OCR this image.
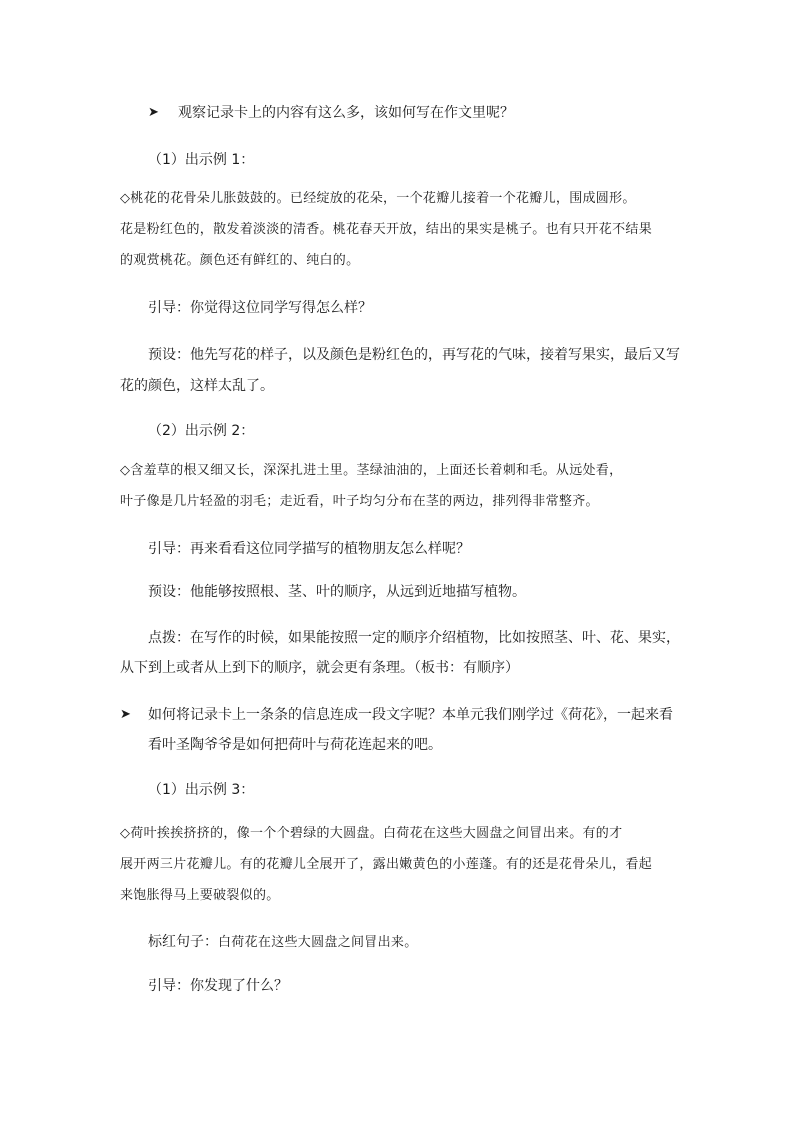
➤ 观察记录卡上的内容有这么多，该如何写在作文里呢？
（1）出示例 1：
◇桃花的花骨朵儿胀鼓鼓的。已经绽放的花朵，一个花瓣儿接着一个花瓣儿，围成圆形。
花是粉红色的，散发着淡淡的清香。桃花春天开放，结出的果实是桃子。也有只开花不结果
的观赏桃花。颜色还有鲜红的、纯白的。
引导：你觉得这位同学写得怎么样？
预设：他先写花的样子，以及颜色是粉红色的，再写花的气味，接着写果实，最后又写
花的颜色，这样太乱了。
（2）出示例 2：
◇含羞草的根又细又长，深深扎进土里。茎绿油油的，上面还长着刺和毛。从远处看，
叶子像是几片轻盈的羽毛；走近看，叶子均匀分布在茎的两边，排列得非常整齐。
引导：再来看看这位同学描写的植物朋友怎么样呢？
预设：他能够按照根、茎、叶的顺序，从远到近地描写植物。
点拨：在写作的时候，如果能按照一定的顺序介绍植物，比如按照茎、叶、花、果实，
从下到上或者从上到下的顺序，就会更有条理。（板书：有顺序）
➤ 如何将记录卡上一条条的信息连成一段文字呢？本单元我们刚学过《荷花》，一起来看
看叶圣陶爷爷是如何把荷叶与荷花连起来的吧。
（1）出示例 3：
◇荷叶挨挨挤挤的，像一个个碧绿的大圆盘。白荷花在这些大圆盘之间冒出来。有的才
展开两三片花瓣儿。有的花瓣儿全展开了，露出嫩黄色的小莲蓬。有的还是花骨朵儿，看起
来饱胀得马上要破裂似的。
标红句子：白荷花在这些大圆盘之间冒出来。
引导：你发现了什么？
